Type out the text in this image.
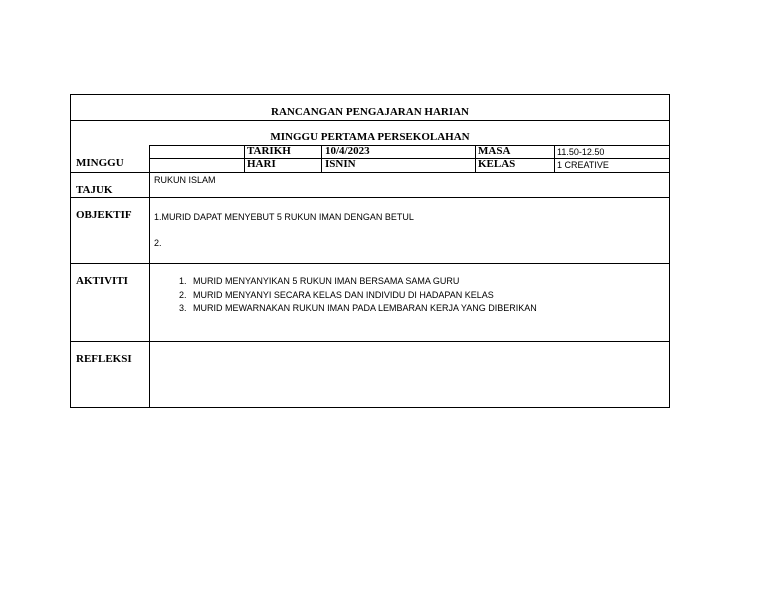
RANCANGAN PENGAJARAN HARIAN
MINGGU PERTAMA PERSEKOLAHAN
MINGGU
TARIKH	10/4/2023
HARI	ISNIN
MASA	11.50-12.50
KELAS	1 CREATIVE
TAJUK
RUKUN ISLAM
OBJEKTIF 1.MURID DAPAT MENYEBUT 5 RUKUN IMAN DENGAN BETUL
2.
AKTIVITI
1.	MURID MENYANYIKAN 5 RUKUN IMAN BERSAMA SAMA GURU
2. MURID MENYANYI SECARA KELAS DAN INDIVIDU DI HADAPAN KELAS
3. MURID MEWARNAKAN RUKUN IMAN PADA LEMBARAN KERJA YANG DIBERIKAN
REFLEKSI
